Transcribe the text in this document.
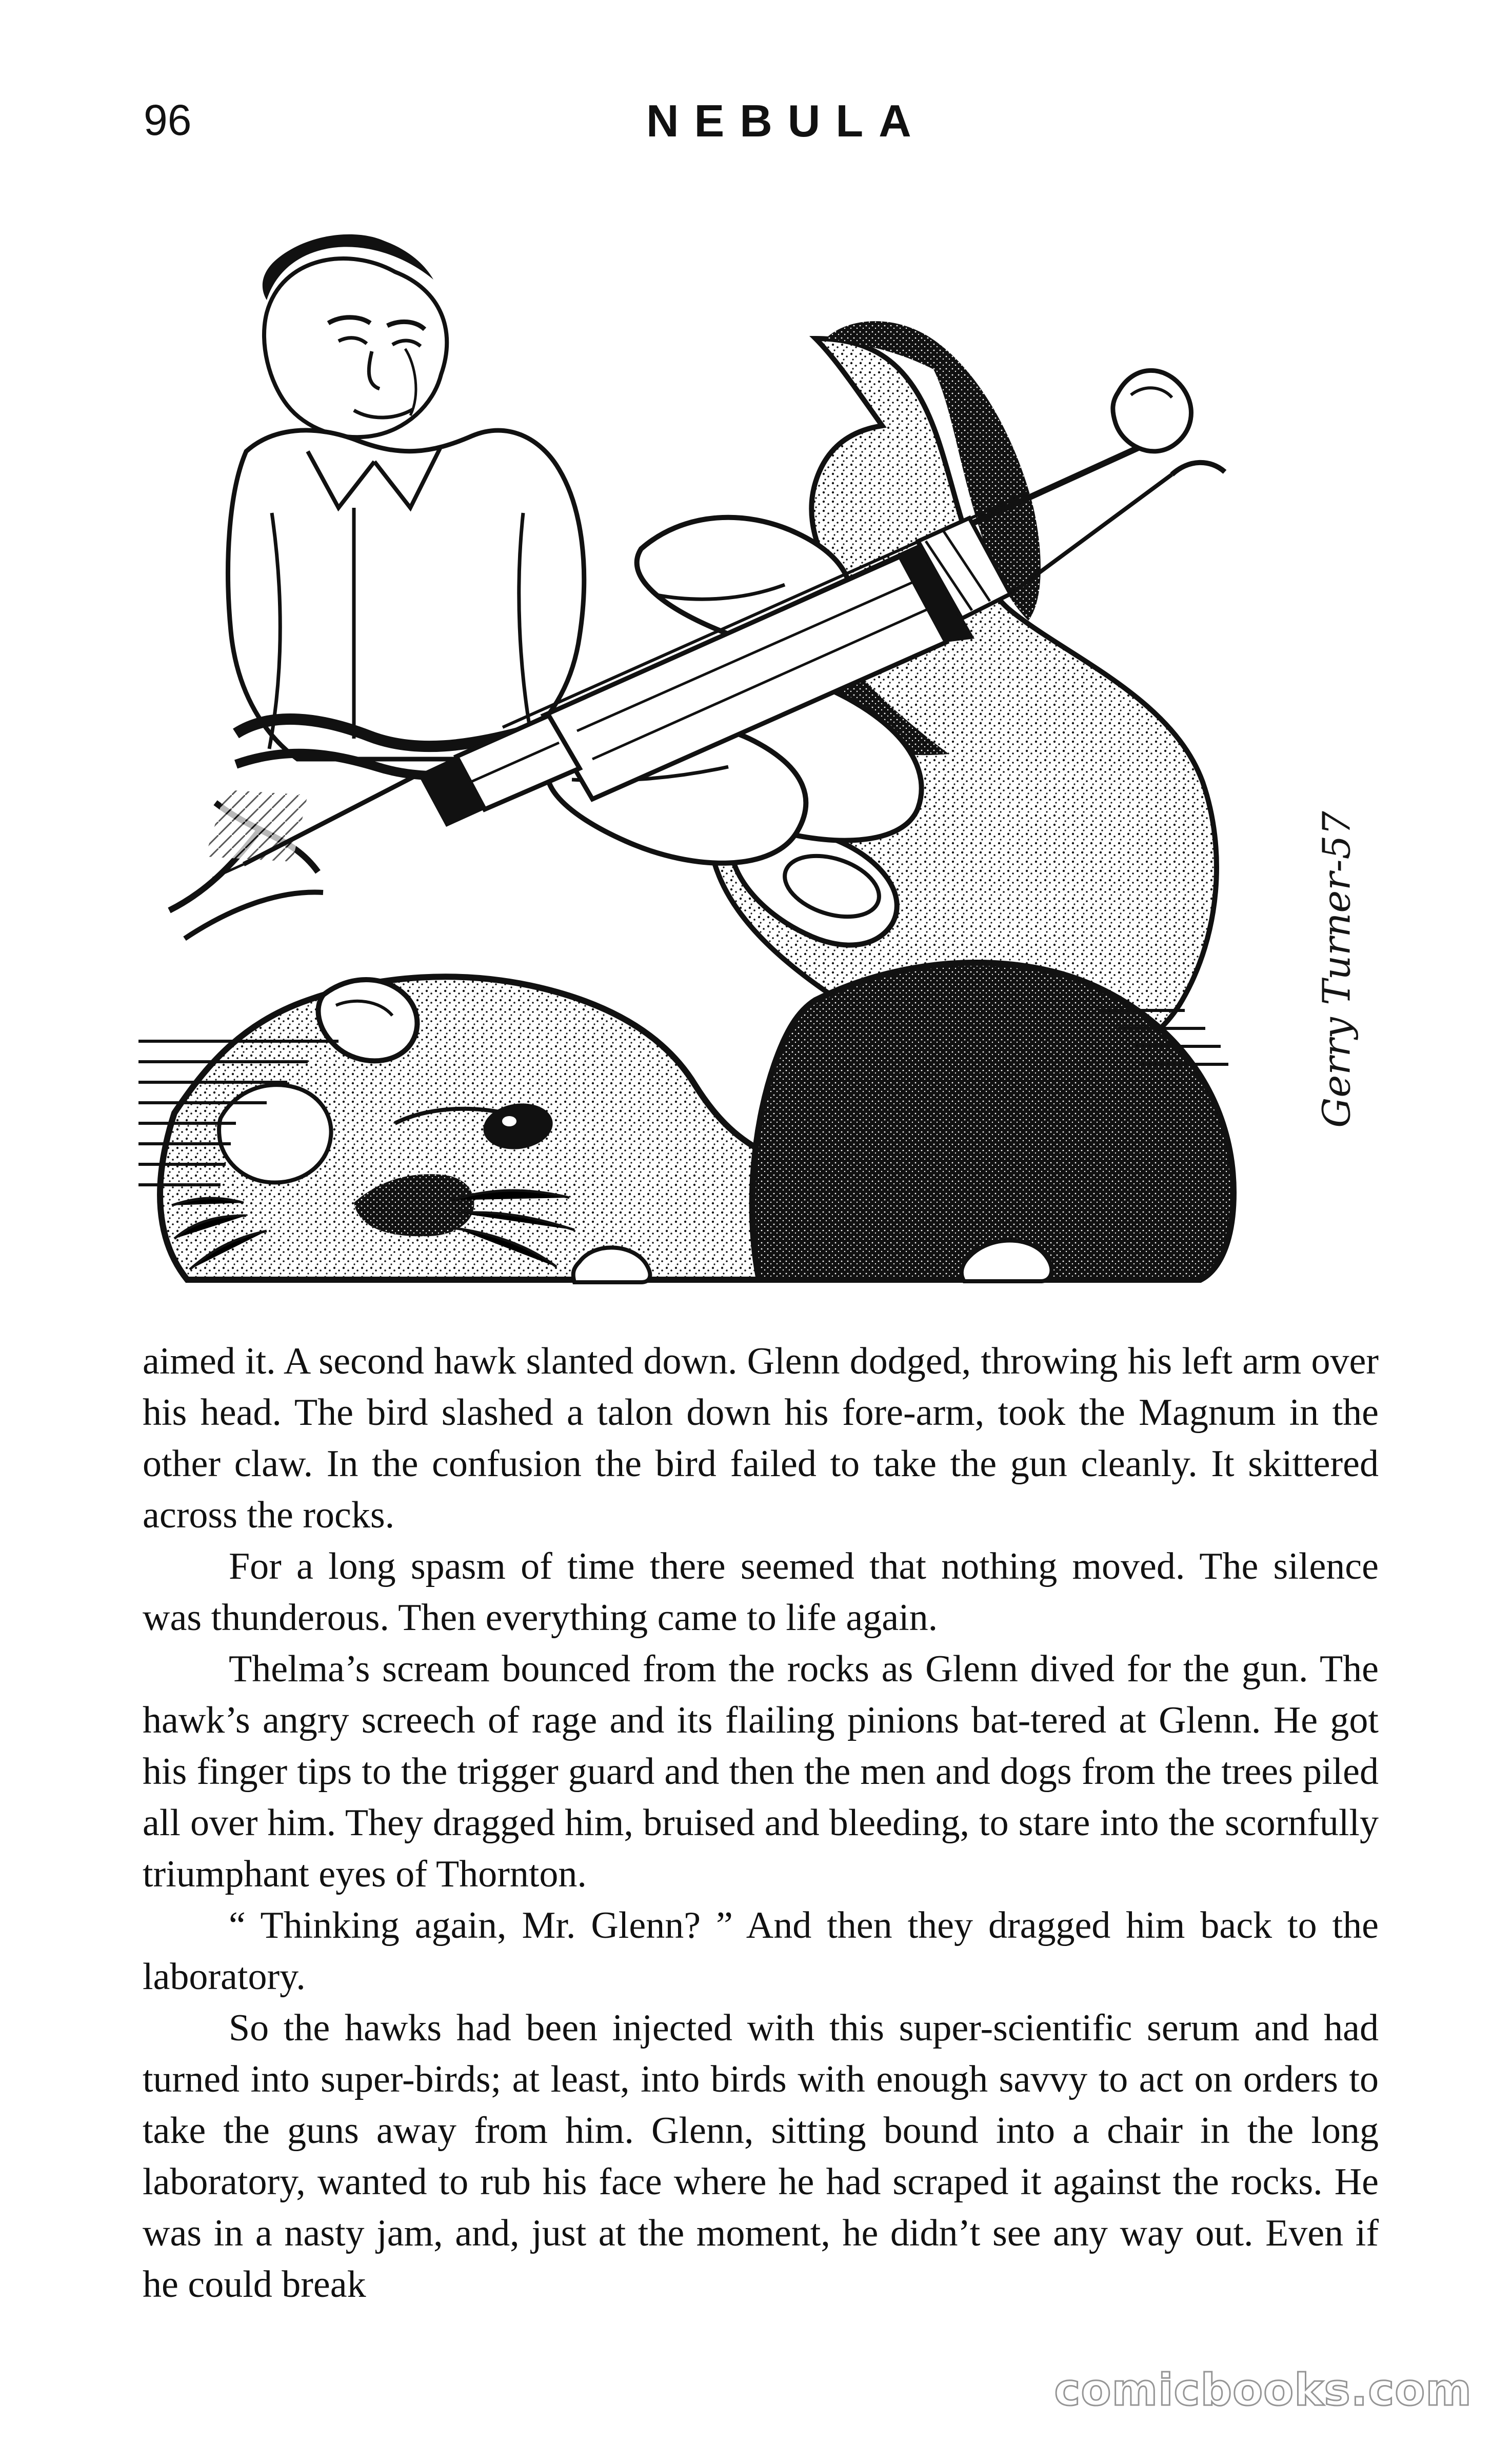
96	NEBULA
Gerry Turner-57

aimed it. A second hawk slanted down. Glenn dodged, throwing his left arm over his head. The bird slashed a talon down his fore-arm, took the Magnum in the other claw. In the confusion the bird failed to take the gun cleanly. It skittered across the rocks.

For a long spasm of time there seemed that nothing moved. The silence was thunderous. Then everything came to life again.

Thelma’s scream bounced from the rocks as Glenn dived for the gun. The hawk’s angry screech of rage and its flailing pinions bat-tered at Glenn. He got his finger tips to the trigger guard and then the men and dogs from the trees piled all over him. They dragged him, bruised and bleeding, to stare into the scornfully triumphant eyes of Thornton.

“ Thinking again, Mr. Glenn? ” And then they dragged him back to the laboratory.

So the hawks had been injected with this super-scientific serum and had turned into super-birds; at least, into birds with enough savvy to act on orders to take the guns away from him. Glenn, sitting bound into a chair in the long laboratory, wanted to rub his face where he had scraped it against the rocks. He was in a nasty jam, and, just at the moment, he didn’t see any way out. Even if he could break

comicbooks.com
